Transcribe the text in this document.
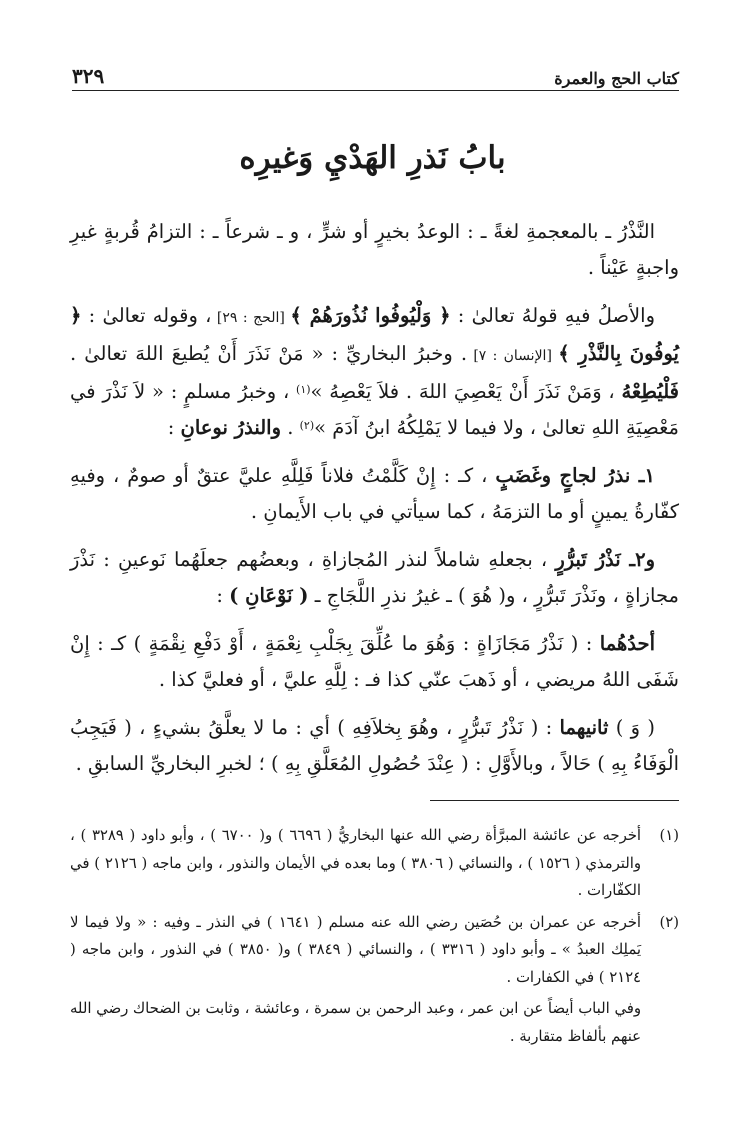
كتاب الحج والعمرة
٣٢٩
بابُ نَذرِ الهَدْيِ وَغيرِه

النَّذْرُ ـ بالمعجمةِ لغةً ـ : الوعدُ بخيرٍ أو شرٍّ ، و ـ شرعاً ـ : التزامُ قُربةٍ غيرِ واجبةٍ عَيْناً .

والأصلُ فيهِ قولهُ تعالىٰ : ﴿ وَلْيُوفُوا نُذُورَهُمْ ﴾ [الحج : ٢٩] ، وقوله تعالىٰ : ﴿ يُوفُونَ بِالنَّذْرِ ﴾ [الإنسان : ٧] . وخبرُ البخاريِّ : « مَنْ نَذَرَ أَنْ يُطيعَ اللهَ تعالىٰ . فَلْيُطِعْهُ ، وَمَنْ نَذَرَ أَنْ يَعْصِيَ اللهَ . فلاَ يَعْصِهُ »$^{(١)}$ ، وخبرُ مسلمٍ : « لاَ نَذْرَ في مَعْصِيَةِ اللهِ تعالىٰ ، ولا فيما لا يَمْلِكُهُ ابنُ آدَمَ »$^{(٢)}$ . والنذرُ نوعانِ :

١ـ نذرُ لجاجٍ وغَضَبٍ ، كـ : إِنْ كَلَّمْتُ فلاناً فَلِلَّهِ عليَّ عتقٌ أو صومٌ ، وفيهِ كفّارةُ يمينٍ أو ما التزمَهُ ، كما سيأتي في باب الأَيمانِ .

و٢ـ نَذْرُ تَبرُّرٍ ، بجعلهِ شاملاً لنذر المُجازاةِ ، وبعضُهم جعلَهُما نَوعينِ : نَذْرَ مجازاةٍ ، ونَذْرَ تَبرُّرٍ ، و( هُوَ ) ـ غيرُ نذرِ اللَّجَاجِ ـ ( نَوْعَانِ ) :

أحدُهُما : ( نَذْرُ مَجَازَاةٍ : وَهُوَ ما عُلِّقَ بِجَلْبِ نِعْمَةٍ ، أَوْ دَفْعِ نِقْمَةٍ ) كـ : إِنْ شَفَى اللهُ مريضي ، أو ذَهبَ عنّي كذا فـ : لِلَّهِ عليَّ ، أو فعليَّ كذا .

( وَ ) ثانيهما : ( نَذْرُ تَبرُّرٍ ، وهُوَ بِخلاَفِهِ ) أي : ما لا يعلَّقُ بشيءٍ ، ( فَيَجِبُ الْوَفَاءُ بِهِ ) حَالاً ، وبالأَوَّلِ : ( عِنْدَ حُصُولِ المُعَلَّقِ بِهِ ) ؛ لخبرِ البخاريِّ السابقِ .

(١)
أخرجه عن عائشة المبرَّأة رضي الله عنها البخاريُّ ( ٦٦٩٦ ) و( ٦٧٠٠ ) ، وأبو داود ( ٣٢٨٩ ) ، والترمذي ( ١٥٢٦ ) ، والنسائي ( ٣٨٠٦ ) وما بعده في الأيمان والنذور ، وابن ماجه ( ٢١٢٦ ) في الكفّارات .
(٢)
أخرجه عن عمران بن حُصَين رضي الله عنه مسلم ( ١٦٤١ ) في النذر ـ وفيه : « ولا فيما لا يَملِك العبدُ » ـ وأبو داود ( ٣٣١٦ ) ، والنسائي ( ٣٨٤٩ ) و( ٣٨٥٠ ) في النذور ، وابن ماجه ( ٢١٢٤ ) في الكفارات .
وفي الباب أيضاً عن ابن عمر ، وعبد الرحمن بن سمرة ، وعائشة ، وثابت بن الضحاك رضي الله عنهم بألفاظ متقاربة .
